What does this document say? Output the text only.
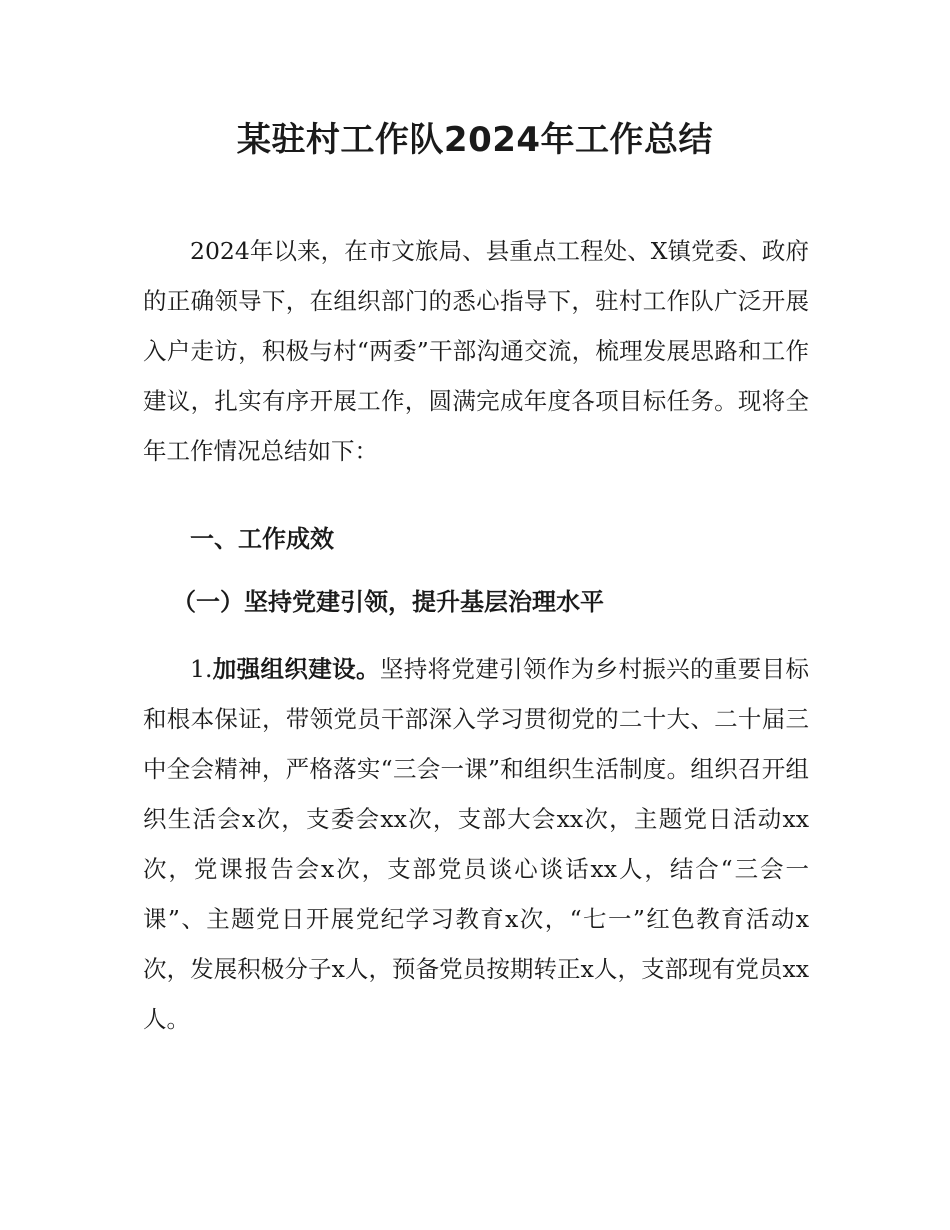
某驻村工作队2024年工作总结

2024年以来，在市文旅局、县重点工程处、X镇党委、政府的正确领导下，在组织部门的悉心指导下，驻村工作队广泛开展入户走访，积极与村“两委”干部沟通交流，梳理发展思路和工作建议，扎实有序开展工作，圆满完成年度各项目标任务。现将全年工作情况总结如下：

一、工作成效
（一）坚持党建引领，提升基层治理水平

1.加强组织建设。坚持将党建引领作为乡村振兴的重要目标和根本保证，带领党员干部深入学习贯彻党的二十大、二十届三中全会精神，严格落实“三会一课”和组织生活制度。组织召开组织生活会x次，支委会xx次，支部大会xx次，主题党日活动xx次，党课报告会x次，支部党员谈心谈话xx人，结合“三会一课”、主题党日开展党纪学习教育x次，“七一”红色教育活动x次，发展积极分子x人，预备党员按期转正x人，支部现有党员xx人。
